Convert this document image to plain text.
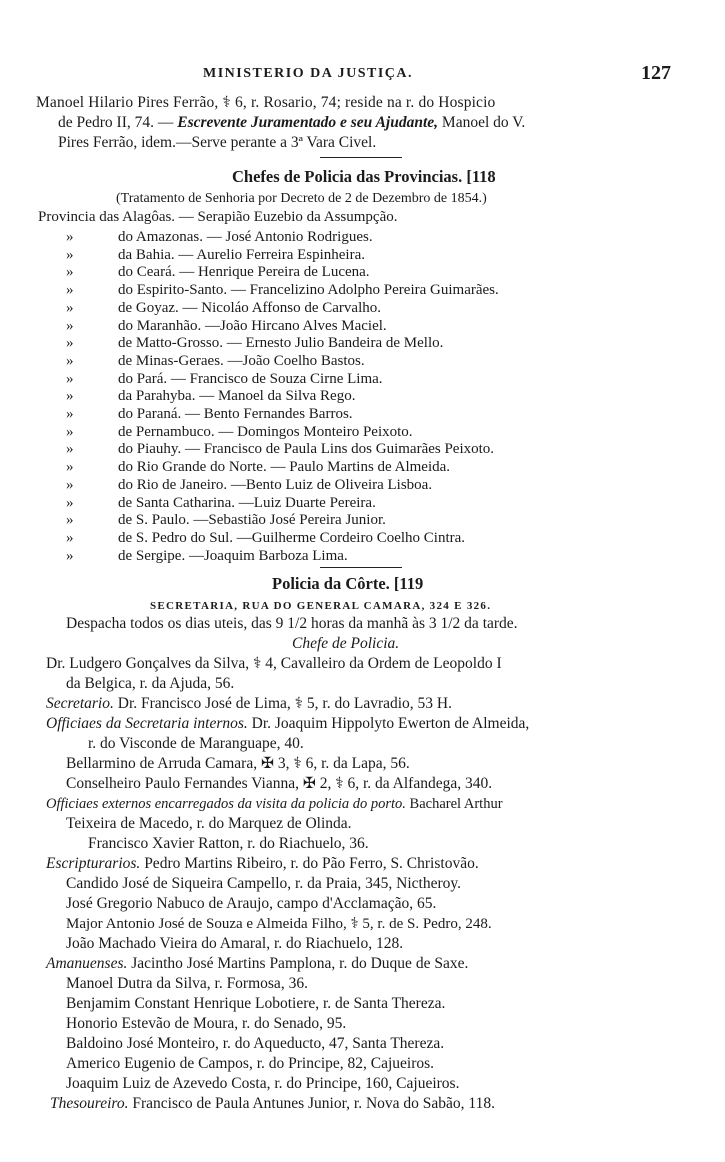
MINISTERIO DA JUSTIÇA.	127
Manoel Hilario Pires Ferrão, ⚕ 6, r. Rosario, 74; reside na r. do Hospicio
de Pedro II, 74. — Escrevente Juramentado e seu Ajudante, Manoel do V.
Pires Ferrão, idem.—Serve perante a 3ª Vara Civel.
Chefes de Policia das Provincias. [118
(Tratamento de Senhoria por Decreto de 2 de Dezembro de 1854.)
Provincia das Alagôas. — Serapião Euzebio da Assumpção.
»	do Amazonas. — José Antonio Rodrigues.
»	da Bahia. — Aurelio Ferreira Espinheira.
»	do Ceará. — Henrique Pereira de Lucena.
»	do Espirito-Santo. — Francelizino Adolpho Pereira Guimarães.
»	de Goyaz. — Nicoláo Affonso de Carvalho.
»	do Maranhão. —João Hircano Alves Maciel.
»	de Matto-Grosso. — Ernesto Julio Bandeira de Mello.
»	de Minas-Geraes. —João Coelho Bastos.
»	do Pará. — Francisco de Souza Cirne Lima.
»	da Parahyba. — Manoel da Silva Rego.
»	do Paraná. — Bento Fernandes Barros.
»	de Pernambuco. — Domingos Monteiro Peixoto.
»	do Piauhy. — Francisco de Paula Lins dos Guimarães Peixoto.
»	do Rio Grande do Norte. — Paulo Martins de Almeida.
»	do Rio de Janeiro. —Bento Luiz de Oliveira Lisboa.
»	de Santa Catharina. —Luiz Duarte Pereira.
»	de S. Paulo. —Sebastião José Pereira Junior.
»	de S. Pedro do Sul. —Guilherme Cordeiro Coelho Cintra.
»	de Sergipe. —Joaquim Barboza Lima.
Policia da Côrte. [119
SECRETARIA, RUA DO GENERAL CAMARA, 324 E 326.
Despacha todos os dias uteis, das 9 1/2 horas da manhã às 3 1/2 da tarde.
Chefe de Policia.
Dr. Ludgero Gonçalves da Silva, ⚕ 4, Cavalleiro da Ordem de Leopoldo I
da Belgica, r. da Ajuda, 56.
Secretario. Dr. Francisco José de Lima, ⚕ 5, r. do Lavradio, 53 H.
Officiaes da Secretaria internos. Dr. Joaquim Hippolyto Ewerton de Almeida,
r. do Visconde de Maranguape, 40.
Bellarmino de Arruda Camara, ✠ 3, ⚕ 6, r. da Lapa, 56.
Conselheiro Paulo Fernandes Vianna, ✠ 2, ⚕ 6, r. da Alfandega, 340.
Officiaes externos encarregados da visita da policia do porto. Bacharel Arthur
Teixeira de Macedo, r. do Marquez de Olinda.
Francisco Xavier Ratton, r. do Riachuelo, 36.
Escripturarios. Pedro Martins Ribeiro, r. do Pão Ferro, S. Christovão.
Candido José de Siqueira Campello, r. da Praia, 345, Nictheroy.
José Gregorio Nabuco de Araujo, campo d'Acclamação, 65.
Major Antonio José de Souza e Almeida Filho, ⚕ 5, r. de S. Pedro, 248.
João Machado Vieira do Amaral, r. do Riachuelo, 128.
Amanuenses. Jacintho José Martins Pamplona, r. do Duque de Saxe.
Manoel Dutra da Silva, r. Formosa, 36.
Benjamim Constant Henrique Lobotiere, r. de Santa Thereza.
Honorio Estevão de Moura, r. do Senado, 95.
Baldoino José Monteiro, r. do Aqueducto, 47, Santa Thereza.
Americo Eugenio de Campos, r. do Principe, 82, Cajueiros.
Joaquim Luiz de Azevedo Costa, r. do Principe, 160, Cajueiros.
Thesoureiro. Francisco de Paula Antunes Junior, r. Nova do Sabão, 118.
